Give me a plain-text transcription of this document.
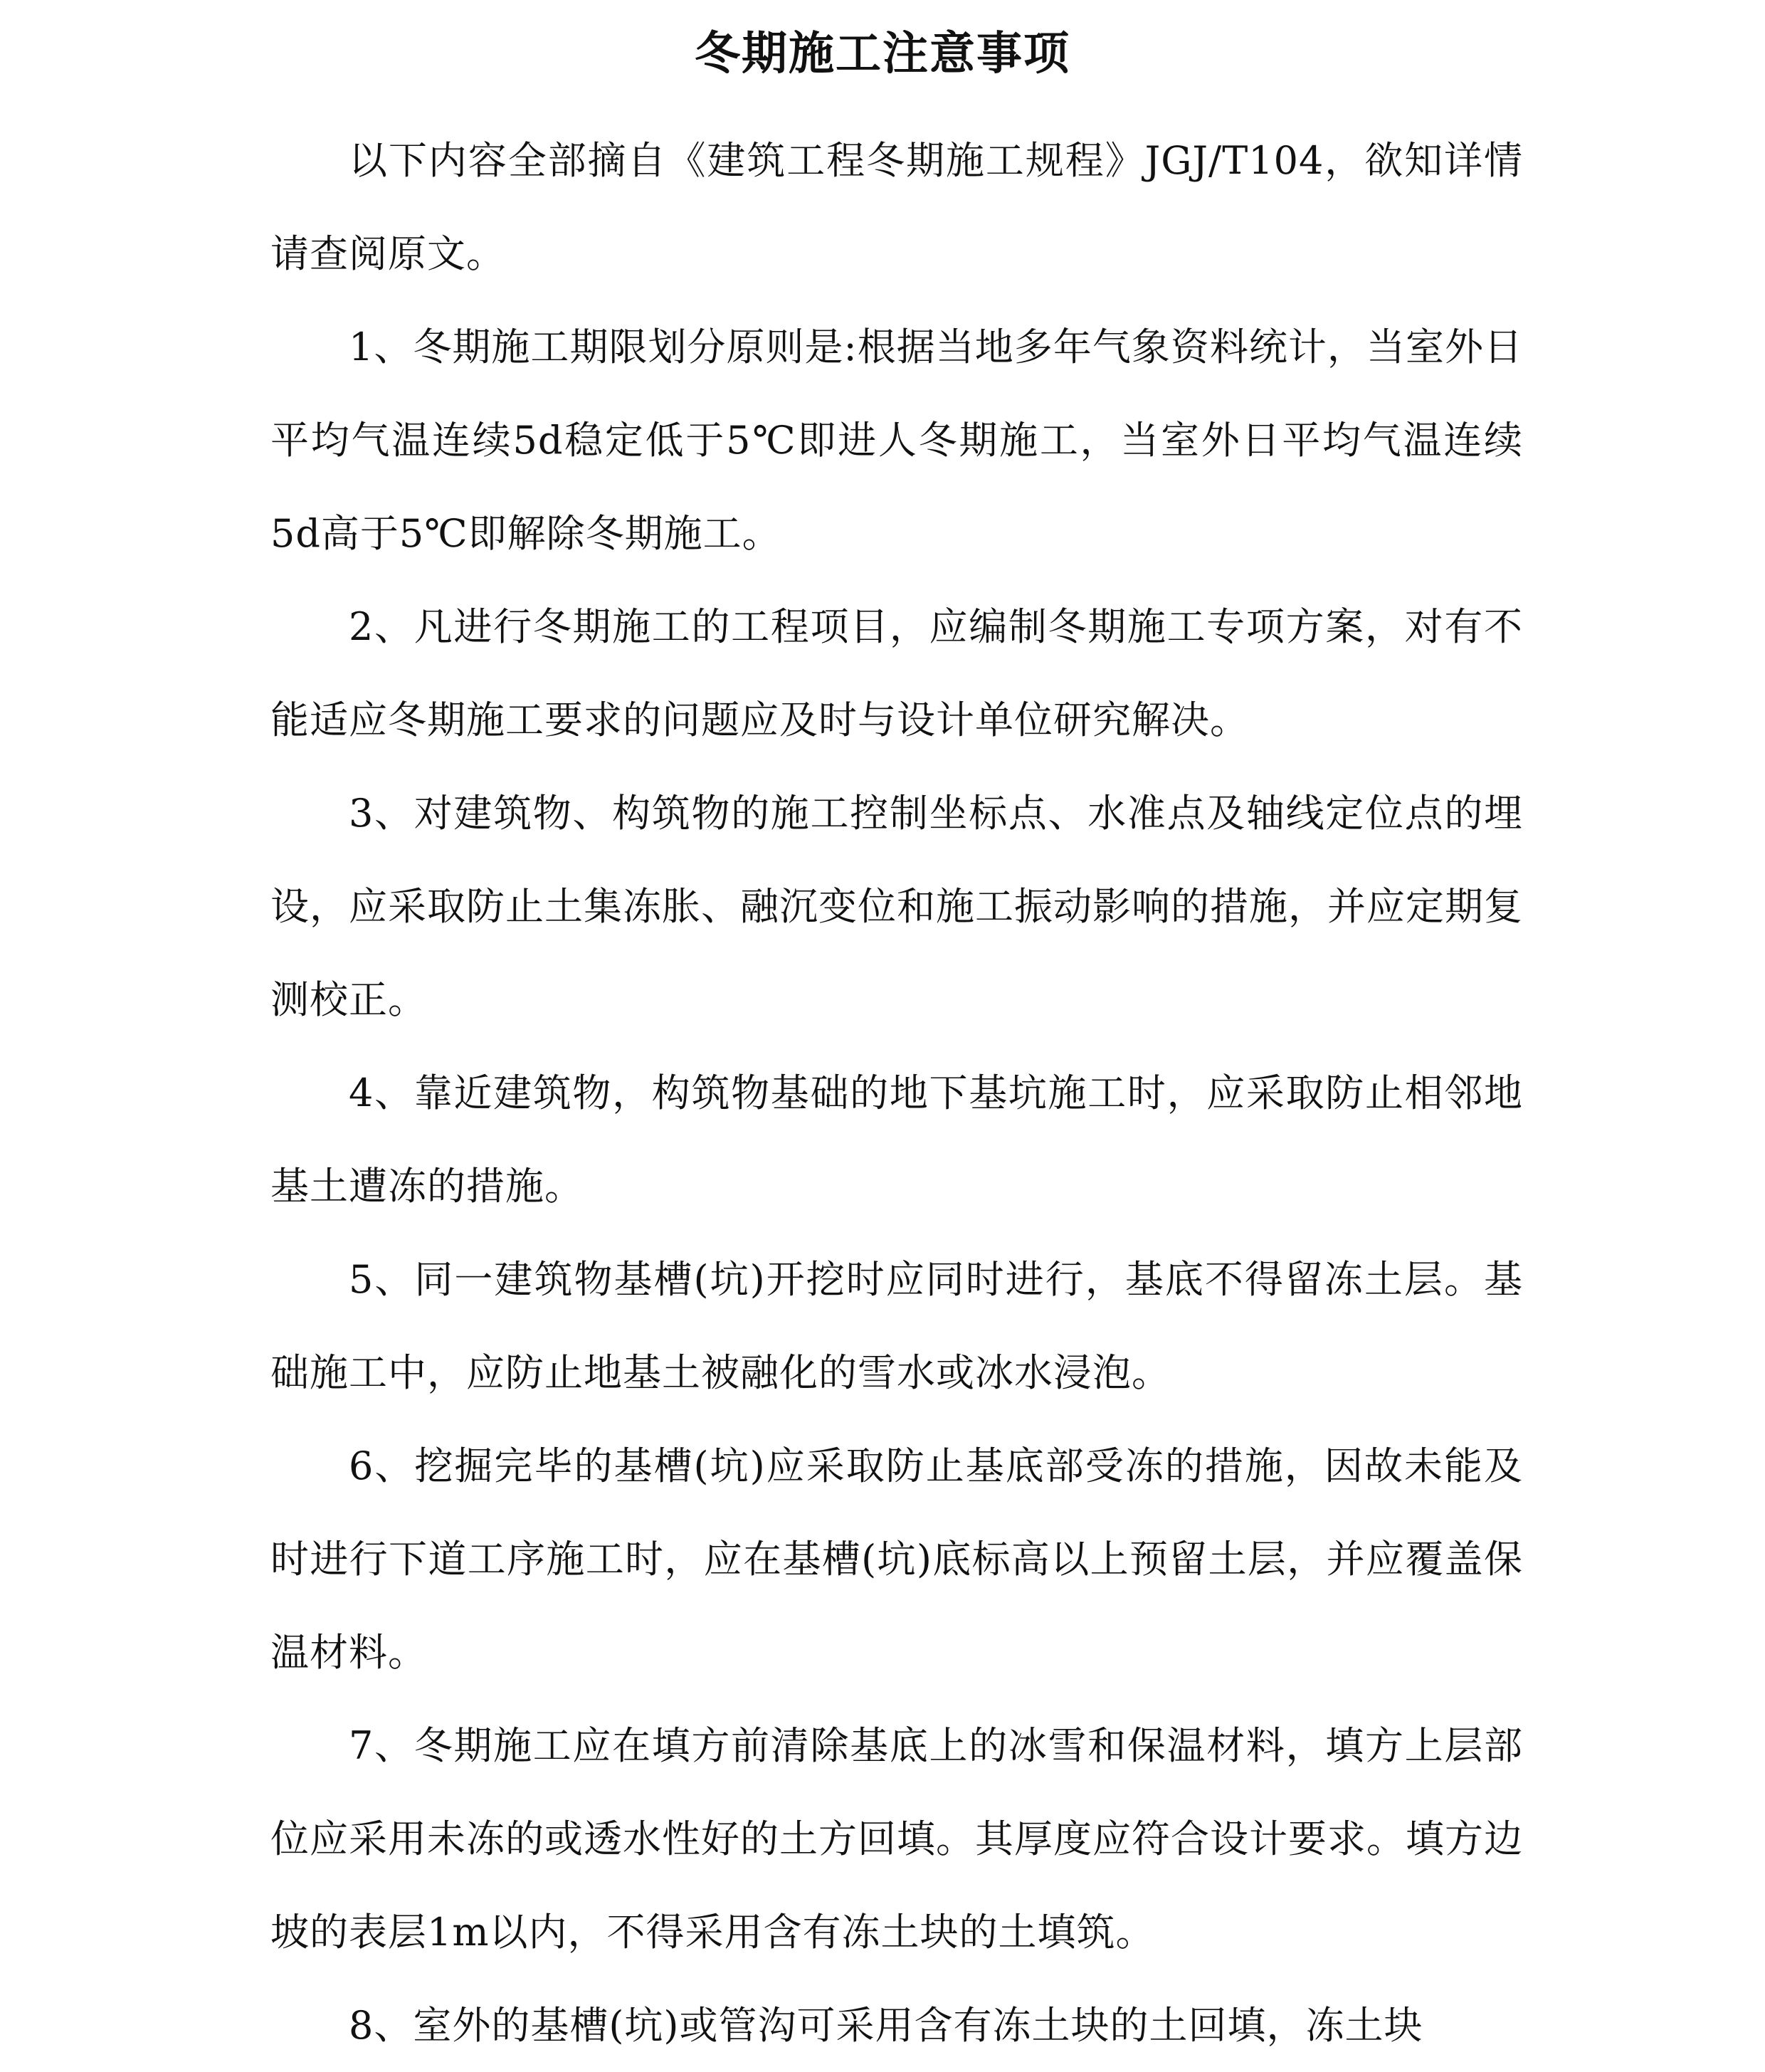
冬期施工注意事项

以下内容全部摘自《建筑工程冬期施工规程》JGJ/T104，欲知详情请查阅原文。

1、冬期施工期限划分原则是:根据当地多年气象资料统计，当室外日平均气温连续5d稳定低于5℃即进人冬期施工，当室外日平均气温连续5d高于5℃即解除冬期施工。

2、凡进行冬期施工的工程项目，应编制冬期施工专项方案，对有不能适应冬期施工要求的问题应及时与设计单位研究解决。

3、对建筑物、构筑物的施工控制坐标点、水准点及轴线定位点的埋设，应采取防止土集冻胀、融沉变位和施工振动影响的措施，并应定期复测校正。

4、靠近建筑物，构筑物基础的地下基坑施工时，应采取防止相邻地基土遭冻的措施。

5、同一建筑物基槽(坑)开挖时应同时进行，基底不得留冻土层。基础施工中，应防止地基土被融化的雪水或冰水浸泡。

6、挖掘完毕的基槽(坑)应采取防止基底部受冻的措施，因故未能及时进行下道工序施工时，应在基槽(坑)底标高以上预留土层，并应覆盖保温材料。

7、冬期施工应在填方前清除基底上的冰雪和保温材料，填方上层部位应采用未冻的或透水性好的土方回填。其厚度应符合设计要求。填方边坡的表层1m以内，不得采用含有冻土块的土填筑。

8、室外的基槽(坑)或管沟可采用含有冻土块的土回填，冻土块
